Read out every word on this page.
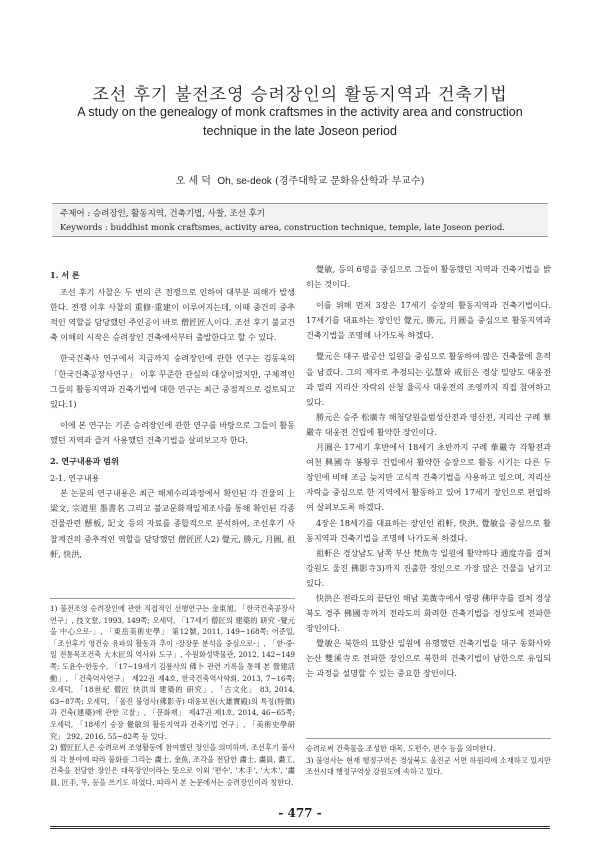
조선 후기 불전조영 승려장인의 활동지역과 건축기법
A study on the genealogy of monk craftsmes in the activity area and construction technique in the late Joseon period
오 세 덕 Oh, se-deok (경주대학교 문화유산학과 부교수)
주제어 : 승려장인, 활동지역, 건축기법, 사찰, 조선 후기
Keywords : buddhist monk craftsmes, activity area, construction technique, temple, late Joseon period.

1. 서 론

조선 후기 사찰은 두 번의 큰 전쟁으로 인하여 대부분 피해가 발생한다. 전쟁 이후 사찰의 重修·重建이 이루어지는데, 이때 중건의 중추적인 역할을 담당했던 주인공이 바로 僧匠匠人이다. 조선 후기 불교건축 이해의 시작은 승려장인 건축에서부터 출발한다고 할 수 있다.

한국건축사 연구에서 지금까지 승려장인에 관한 연구는 김동욱의 「한국건축공장사연구」 이후 꾸준한 관심의 대상이었지만, 구체적인 그들의 활동지역과 건축기법에 대한 연구는 최근 중점적으로 검토되고 있다.1)

이에 본 연구는 기존 승려장인에 관한 연구를 바탕으로 그들이 활동했던 지역과 즐겨 사용했던 건축기법을 살펴보고자 한다.

2. 연구내용과 범위

2-1. 연구내용

본 논문의 연구내용은 최근 해체수리과정에서 확인된 각 건물의 上梁文, 宗道里 墨書名 그리고 불교문화재일제조사를 통해 확인된 각종 건물관련 懸板, 記文 등의 자료를 종합적으로 분석하여, 조선후기 사찰계건의 중추적인 역할을 담당했던 僧匠匠人2) 覺元, 勝元, 月圓, 祖軒, 快洪,

1) 불전조영 승려장인에 관한 직접적인 선행연구는 金東旭, 「한국건축공장사연구」, 技文堂, 1993, 149쪽; 오세덕, 「17세기 僧匠의 建築的 研究 -覺元을 中心으로-」, 「東岳美術史學」 第12號, 2011, 149~168쪽; 어준일, 「조선후기 영건승 유파의 활동과 추이 -장장문 분석을 중심으로-」, 「한·중·일 전통목조건축 大木匠의 역사와 도구」, 수원화성박물관, 2012, 142~149쪽; 도윤수·한동수, 「17~19세기 김룡사의 佛卜 관련 기록을 통해 본 營建活動」, 「건축역사연구」 제22권 제4호, 한국건축역사학회, 2013, 7~16쪽; 오세덕, 「18世紀 僧匠 快洪의 建築的 研究」, 「古文化」 83, 2014, 63~87쪽; 오세덕, 「울진 불영사(佛影寺) 대웅보전(大雄寶殿)의 특징(特徵)과 건축(建築)에 관한 고찰」, 「문화재」 제47권 제1호, 2014, 46~65쪽; 오세덕, 「18세기 승장 覺敏의 활동지역과 건축기법 연구」, 「美術史學研究」 292, 2016, 55~82쪽 등 있다.

2) 僧匠匠人은 승려로써 조영활동에 참여했던 장인을 의미하며, 조선후기 불사의 각 분야에 따라 불화를 그리는 畵士, 金魚, 조각을 전담한 畵士, 畵員, 畵工, 건축을 전담한 장인은 대목장인이라는 뜻으로 이외 '편수', '木手', '大木', '畵員, 匠手, 무, 등을 쓰기도 하였다. 따라서 본 논문에서는 승려장인이라 칭한다.

覺敏, 등의 6명을 중심으로 그들이 활동했던 지역과 건축기법을 밝히는 것이다.

이를 위해 먼저 3장은 17세기 승장의 활동지역과 건축기법이다. 17세기를 대표하는 장인인 覺元, 勝元, 月圓을 중심으로 활동지역과 건축기법을 조명해 나가도록 하겠다.

覺元은 대구 팔공산 일원을 중심으로 활동하여 많은 건축물에 흔적을 남겼다. 그의 제자로 추정되는 弘慧와 戒衍은 경상 밀양도 대웅전과 멀리 지리산 자락의 산청 율곡사 대웅전의 조영까지 직접 참여하고 있다.

勝元은 승주 松廣寺 해청당원을범성산전과 영산전, 지리산 구례 華嚴寺 대웅전 건립에 활약한 장인이다.

月圓은 17세기 후반에서 18세기 초반까지 구례 華嚴寺 각황전과 여천 興國寺 봉황루 건립에서 활약한 승장으로 활동 시기는 다른 두 장인에 비해 조금 늦지만 고식적 건축기법을 사용하고 있으며, 지리산 자락을 중심으로 한 지역에서 활동하고 있어 17세기 장인으로 편입하여 살펴보도록 하겠다.

4장은 18세기를 대표하는 장인인 祖軒, 快洪, 覺敏을 중심으로 활동지역과 건축기법을 조명해 나가도록 하겠다.

祖軒은 경상남도 남쪽 부산 梵魚寺 일원에 활약하다 通度寺를 걸쳐 강원도 울진 佛影寺3)까지 진출한 장인으로 가장 많은 건물을 남기고 있다.

快洪은 전라도의 끝단인 해남 美黃寺에서 영광 佛甲寺를 걸쳐 경상북도 경주 佛國寺까지 전라도의 화려한 건축기법을 경상도에 전파한 장인이다.

覺敏은 북한의 묘향산 일원에 유행했던 건축기법을 대구 동화사와 논산 雙溪寺로 전파한 장인으로 북한의 건축기법이 남한으로 유입되는 과정을 설명할 수 있는 중요한 장인이다.

승려로써 건축물을 조성한 대목, 도편수, 편수 등을 의미한다.

3) 불영사는 현재 행정구역은 경상북도 울진군 서면 하원리에 소재하고 있지만 조선시대 행정구역상 강원도에 속하고 있다.

- 477 -
